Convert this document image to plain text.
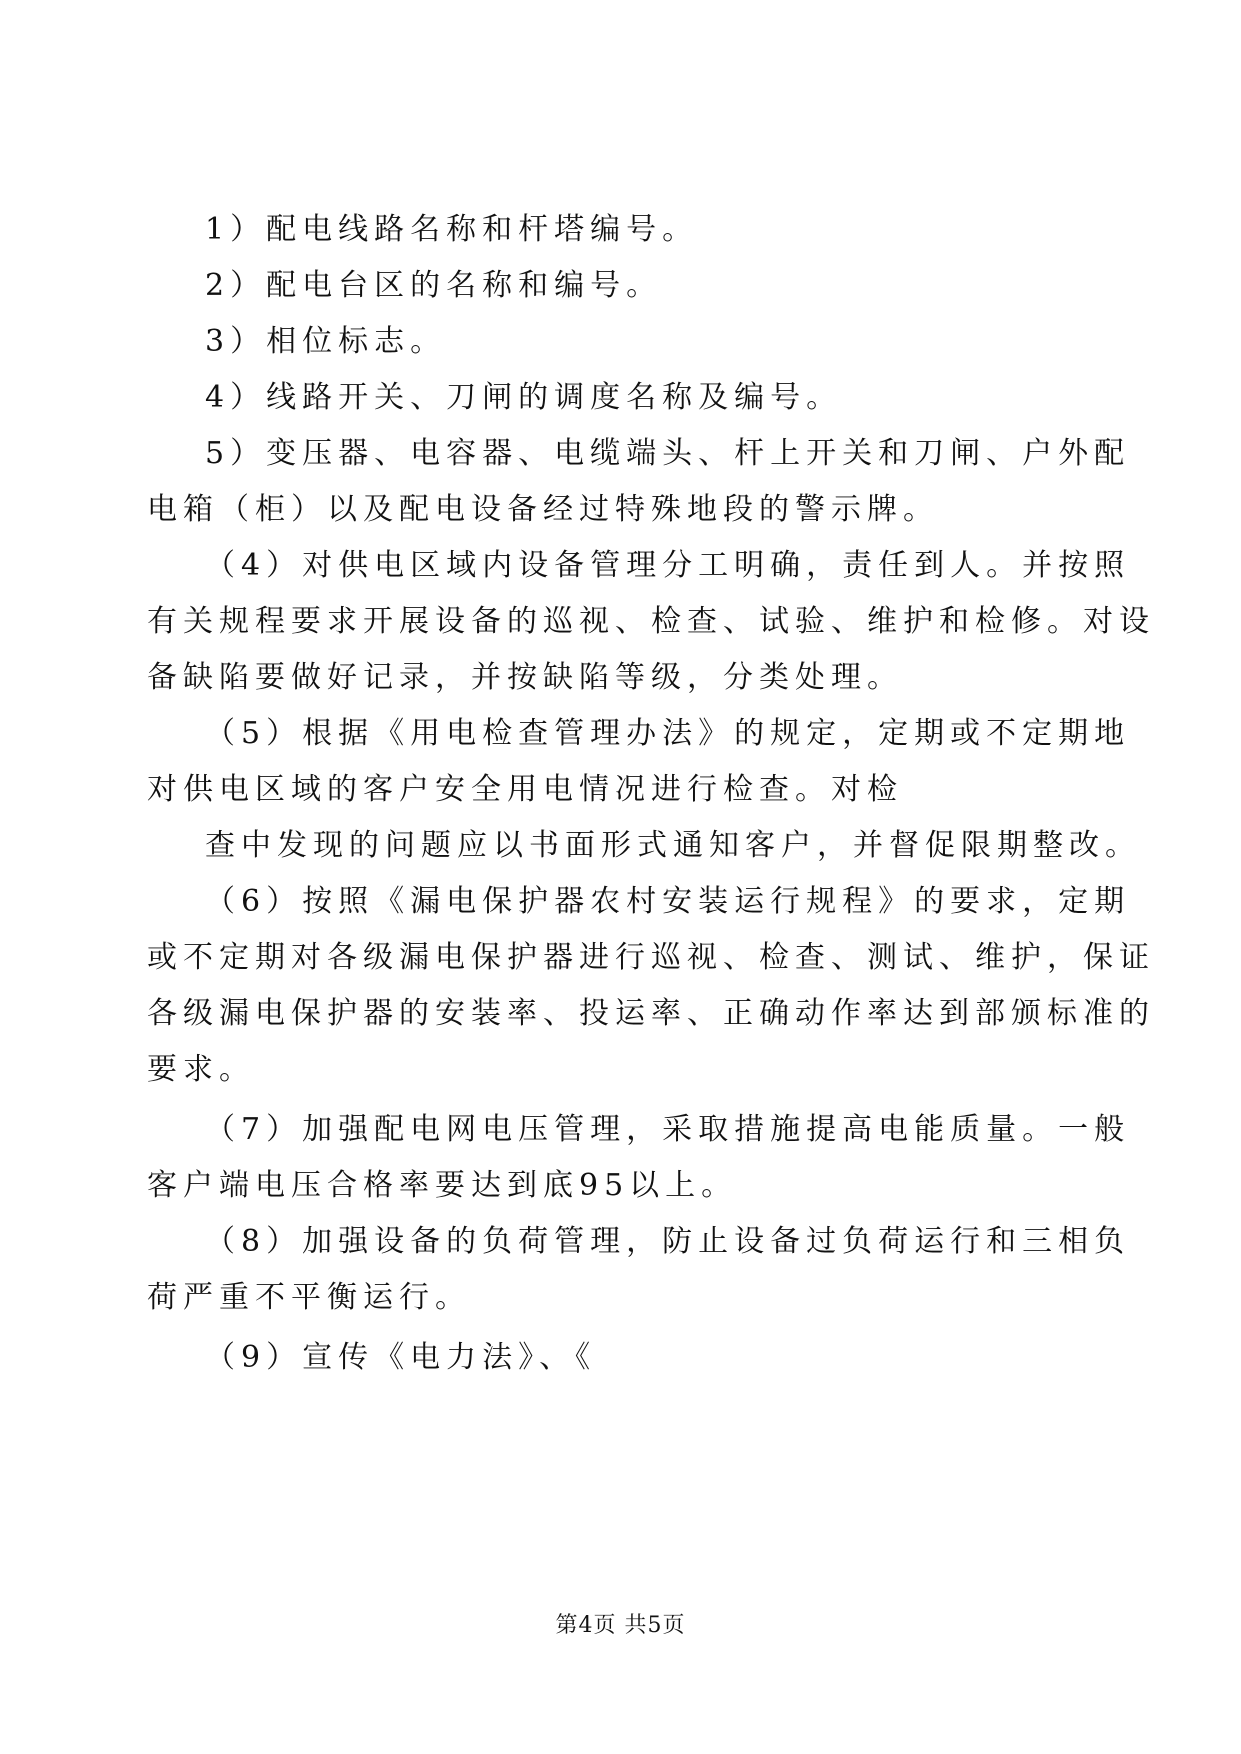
1）配电线路名称和杆塔编号。
2）配电台区的名称和编号。
3）相位标志。
4）线路开关、刀闸的调度名称及编号。
5）变压器、电容器、电缆端头、杆上开关和刀闸、户外配
电箱（柜）以及配电设备经过特殊地段的警示牌。
（4）对供电区域内设备管理分工明确，责任到人。并按照
有关规程要求开展设备的巡视、检查、试验、维护和检修。对设
备缺陷要做好记录，并按缺陷等级，分类处理。
（5）根据《用电检查管理办法》的规定，定期或不定期地
对供电区域的客户安全用电情况进行检查。对检
查中发现的问题应以书面形式通知客户，并督促限期整改。
（6）按照《漏电保护器农村安装运行规程》的要求，定期
或不定期对各级漏电保护器进行巡视、检查、测试、维护，保证
各级漏电保护器的安装率、投运率、正确动作率达到部颁标准的
要求。
（7）加强配电网电压管理，采取措施提高电能质量。一般
客户端电压合格率要达到底95以上。
（8）加强设备的负荷管理，防止设备过负荷运行和三相负
荷严重不平衡运行。
（9）宣传《电力法》、《
第4页 共5页
